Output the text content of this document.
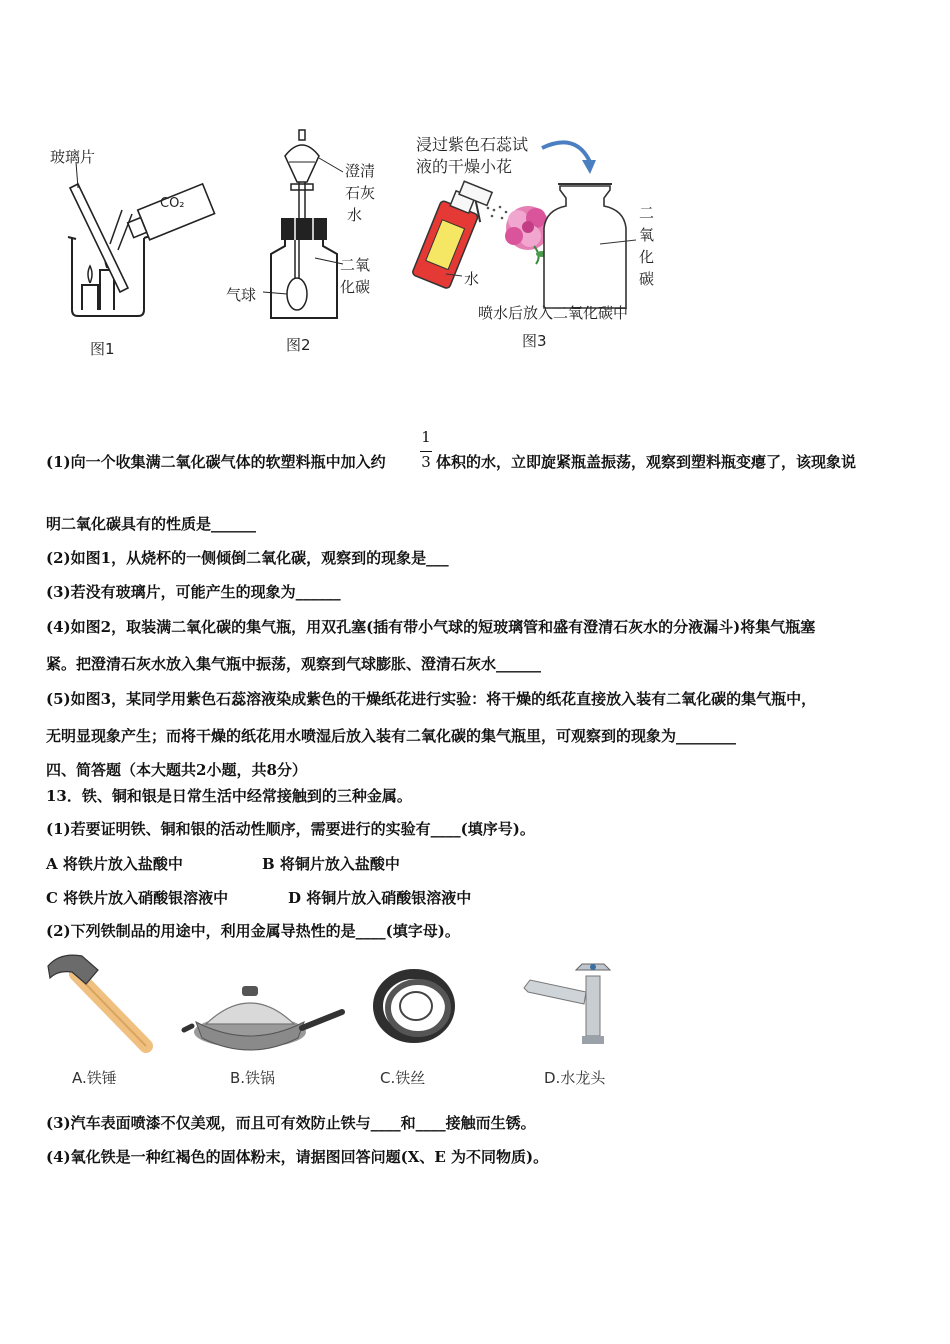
玻璃片
CO₂
图1
澄清
石灰
水
二氧
化碳
气球
图2
浸过紫色石蕊试
液的干燥小花
水
二
氧
化
碳
喷水后放入二氧化碳中
图3
(1)向一个收集满二氧化碳气体的软塑料瓶中加入约
1
3 体积的水，立即旋紧瓶盖振荡，观察到塑料瓶变瘪了，该现象说
明二氧化碳具有的性质是______
(2)如图1，从烧杯的一侧倾倒二氧化碳，观察到的现象是___
(3)若没有玻璃片，可能产生的现象为______
(4)如图2，取装满二氧化碳的集气瓶，用双孔塞(插有带小气球的短玻璃管和盛有澄清石灰水的分液漏斗)将集气瓶塞
紧。把澄清石灰水放入集气瓶中振荡，观察到气球膨胀、澄清石灰水______
(5)如图3，某同学用紫色石蕊溶液染成紫色的干燥纸花进行实验：将干燥的纸花直接放入装有二氧化碳的集气瓶中，
无明显现象产生；而将干燥的纸花用水喷湿后放入装有二氧化碳的集气瓶里，可观察到的现象为________
四、简答题（本大题共2小题，共8分）
13．铁、铜和银是日常生活中经常接触到的三种金属。
(1)若要证明铁、铜和银的活动性顺序，需要进行的实验有____(填序号)。
A 将铁片放入盐酸中	B 将铜片放入盐酸中
C 将铁片放入硝酸银溶液中	D 将铜片放入硝酸银溶液中
(2)下列铁制品的用途中，利用金属导热性的是____(填字母)。
A.铁锤	B.铁锅	C.铁丝	D.水龙头
(3)汽车表面喷漆不仅美观，而且可有效防止铁与____和____接触而生锈。
(4)氧化铁是一种红褐色的固体粉末，请据图回答问题(X、E 为不同物质)。
